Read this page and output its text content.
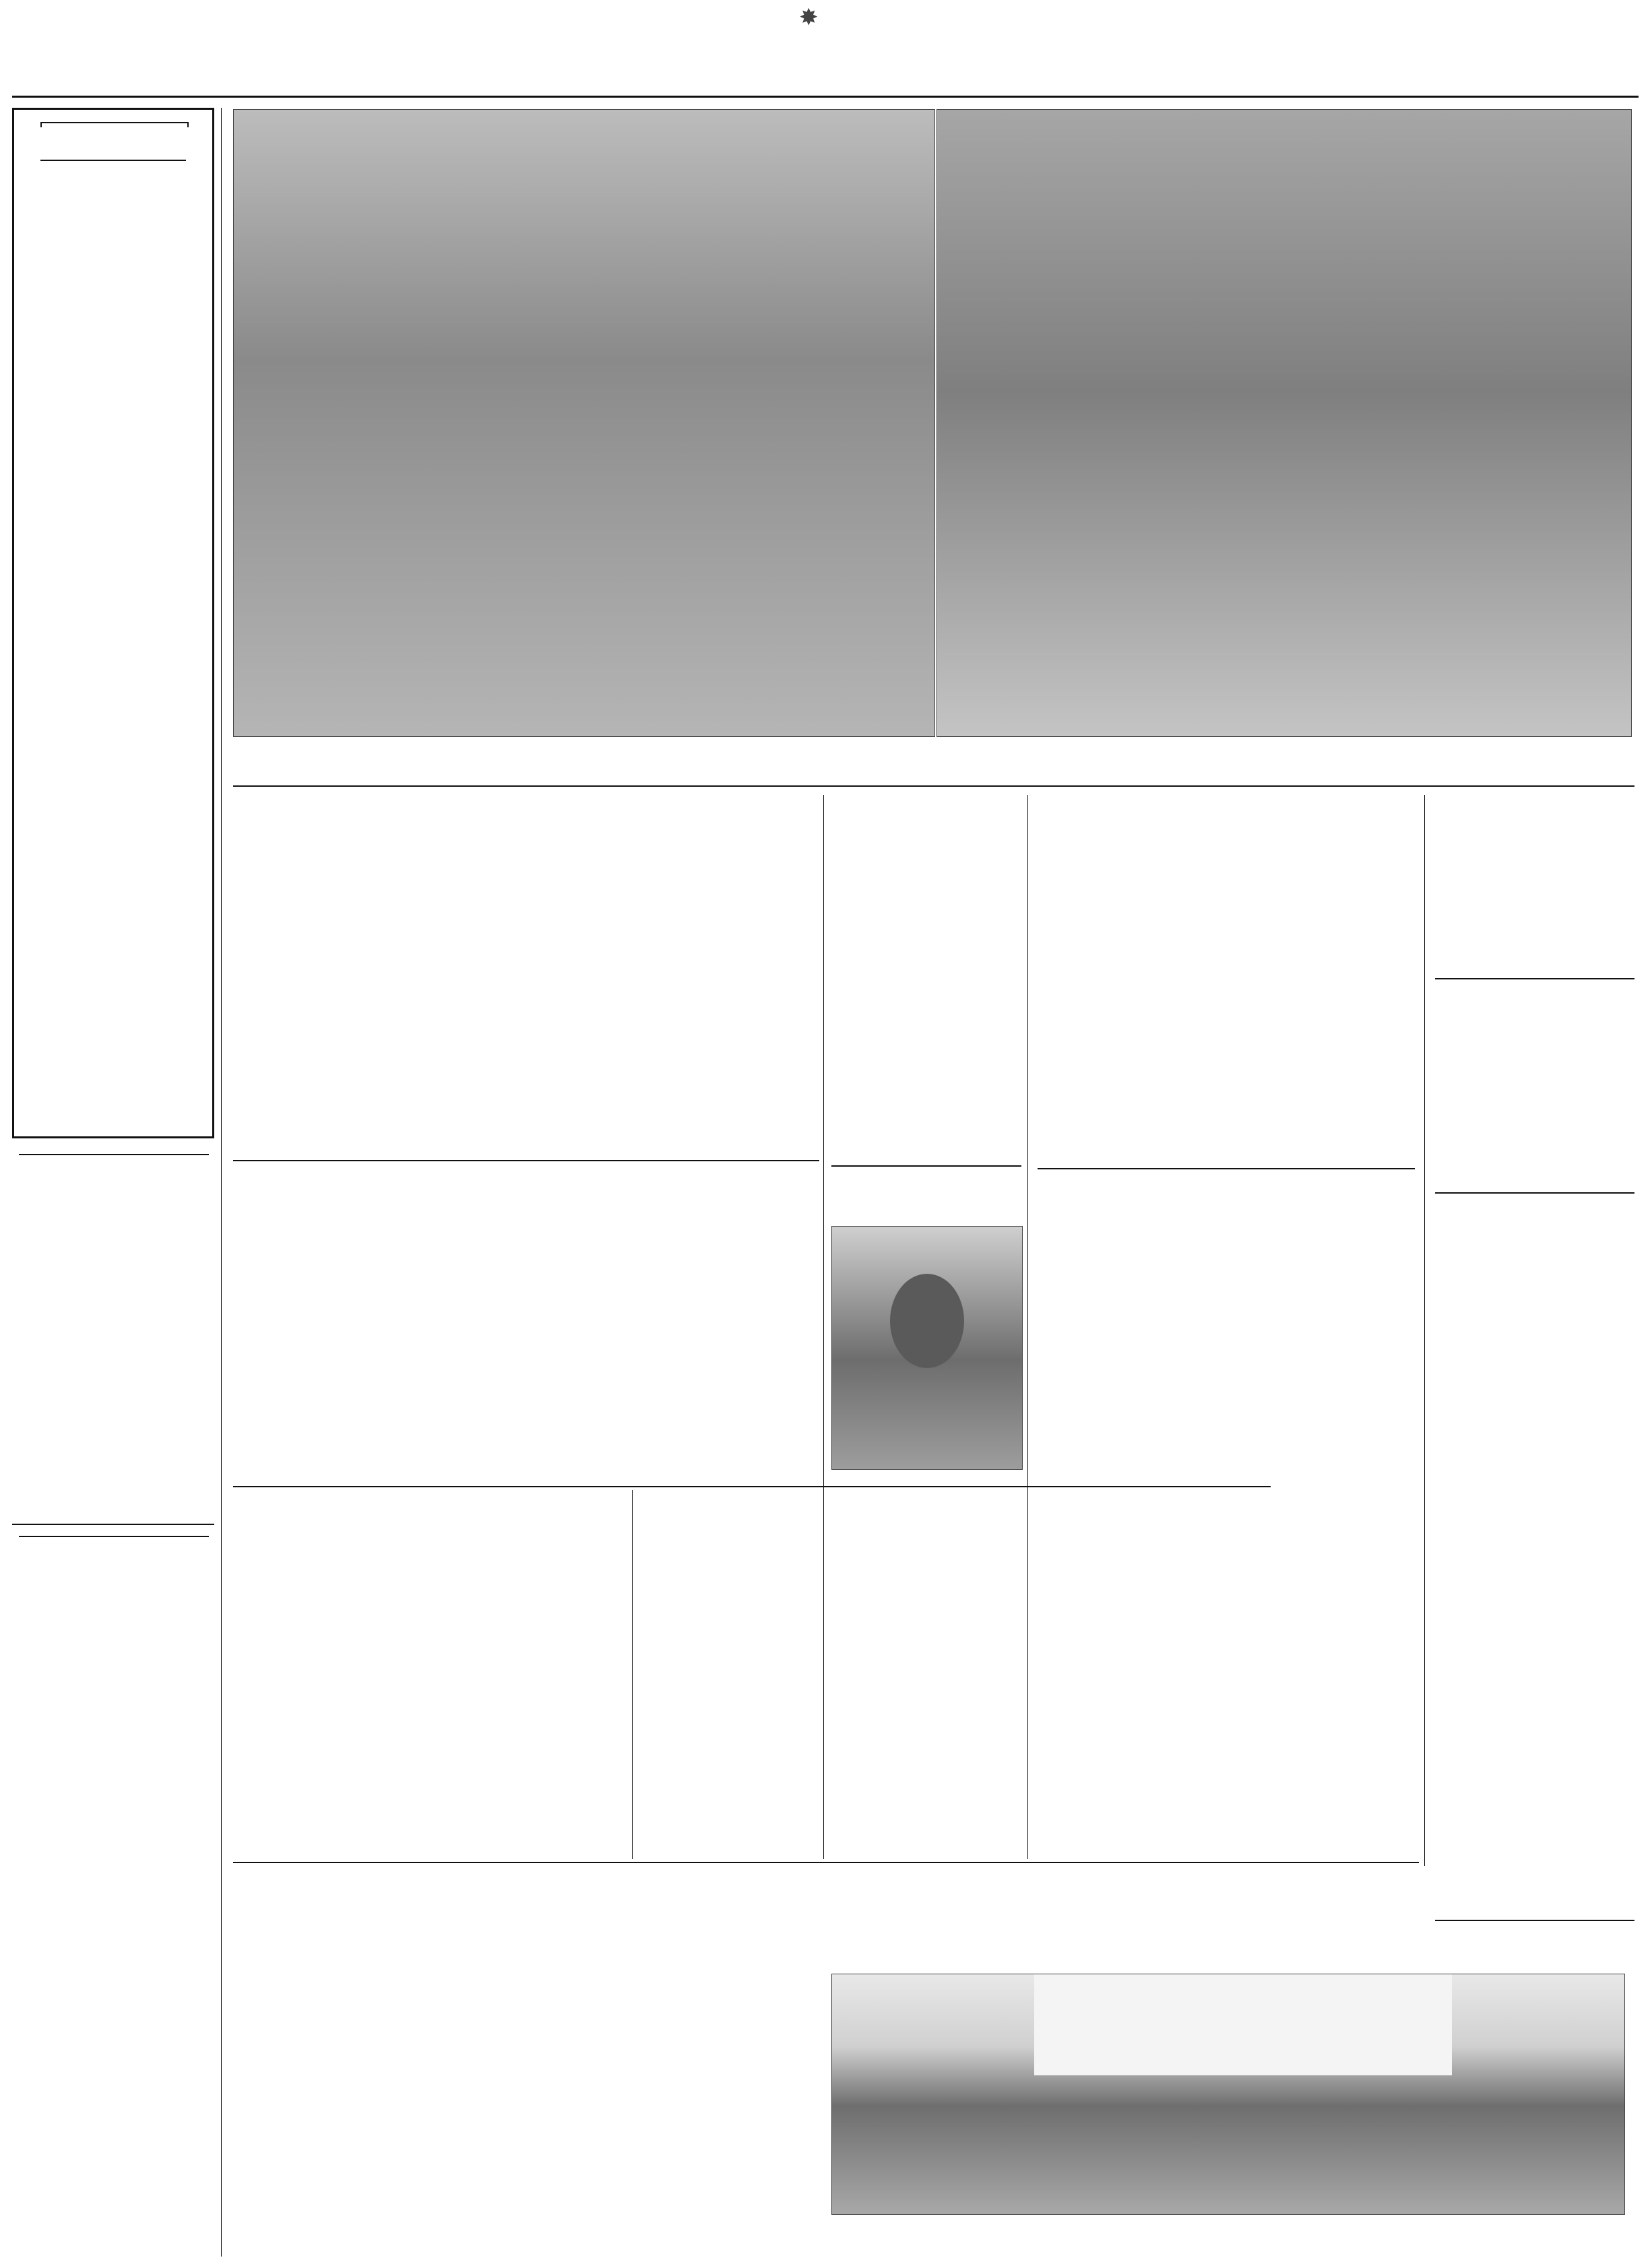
✸
